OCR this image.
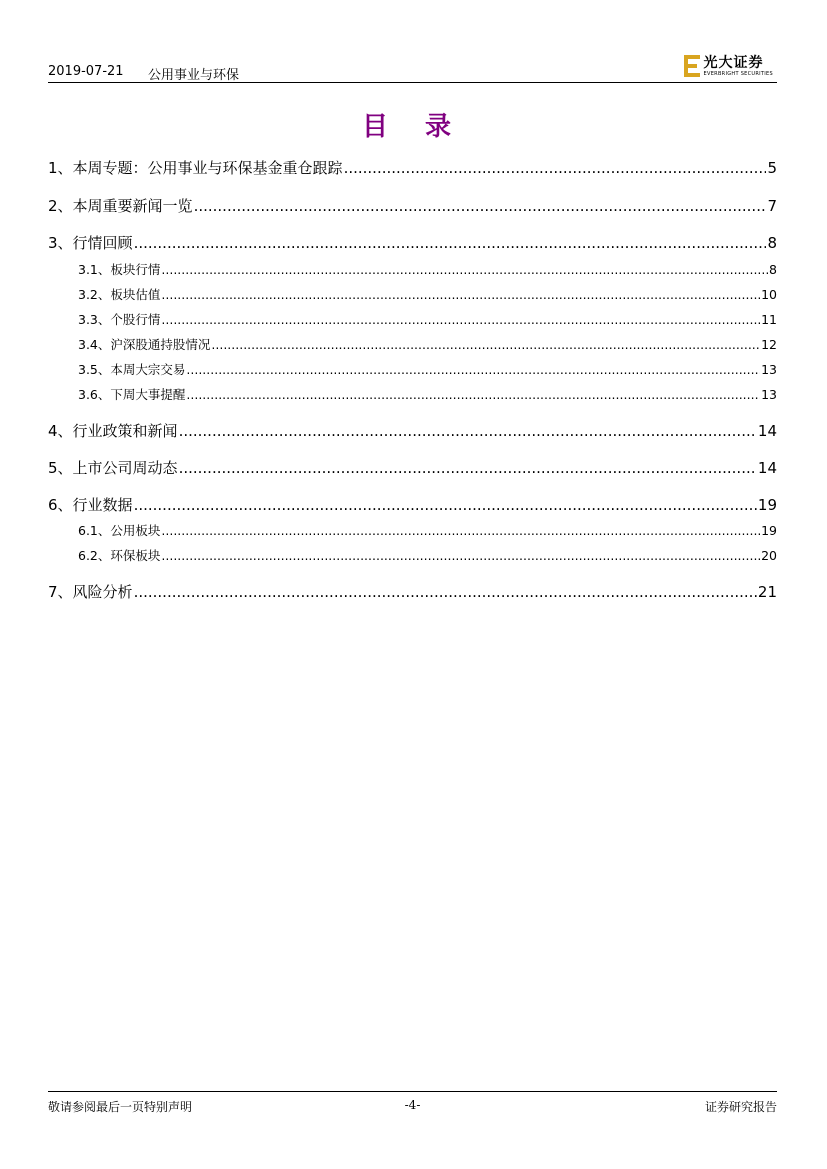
2019-07-21 公用事业与环保
光大证券
EVERBRIGHT SECURITIES
目 录
1、 本周专题：公用事业与环保基金重仓跟踪 .....	5
2、 本周重要新闻一览 .....	7
3、 行情回顾 .....	8
3.1、 板块行情 .....	8
3.2、 板块估值 .....	10
3.3、 个股行情 .....	11
3.4、 沪深股通持股情况 .....	12
3.5、 本周大宗交易 .....	13
3.6、 下周大事提醒 .....	13
4、 行业政策和新闻 .....	14
5、 上市公司周动态 .....	14
6、 行业数据 .....	19
6.1、 公用板块 .....	19
6.2、 环保板块 .....	20
7、 风险分析 .....	21
敬请参阅最后一页特别声明	-4-	证券研究报告
